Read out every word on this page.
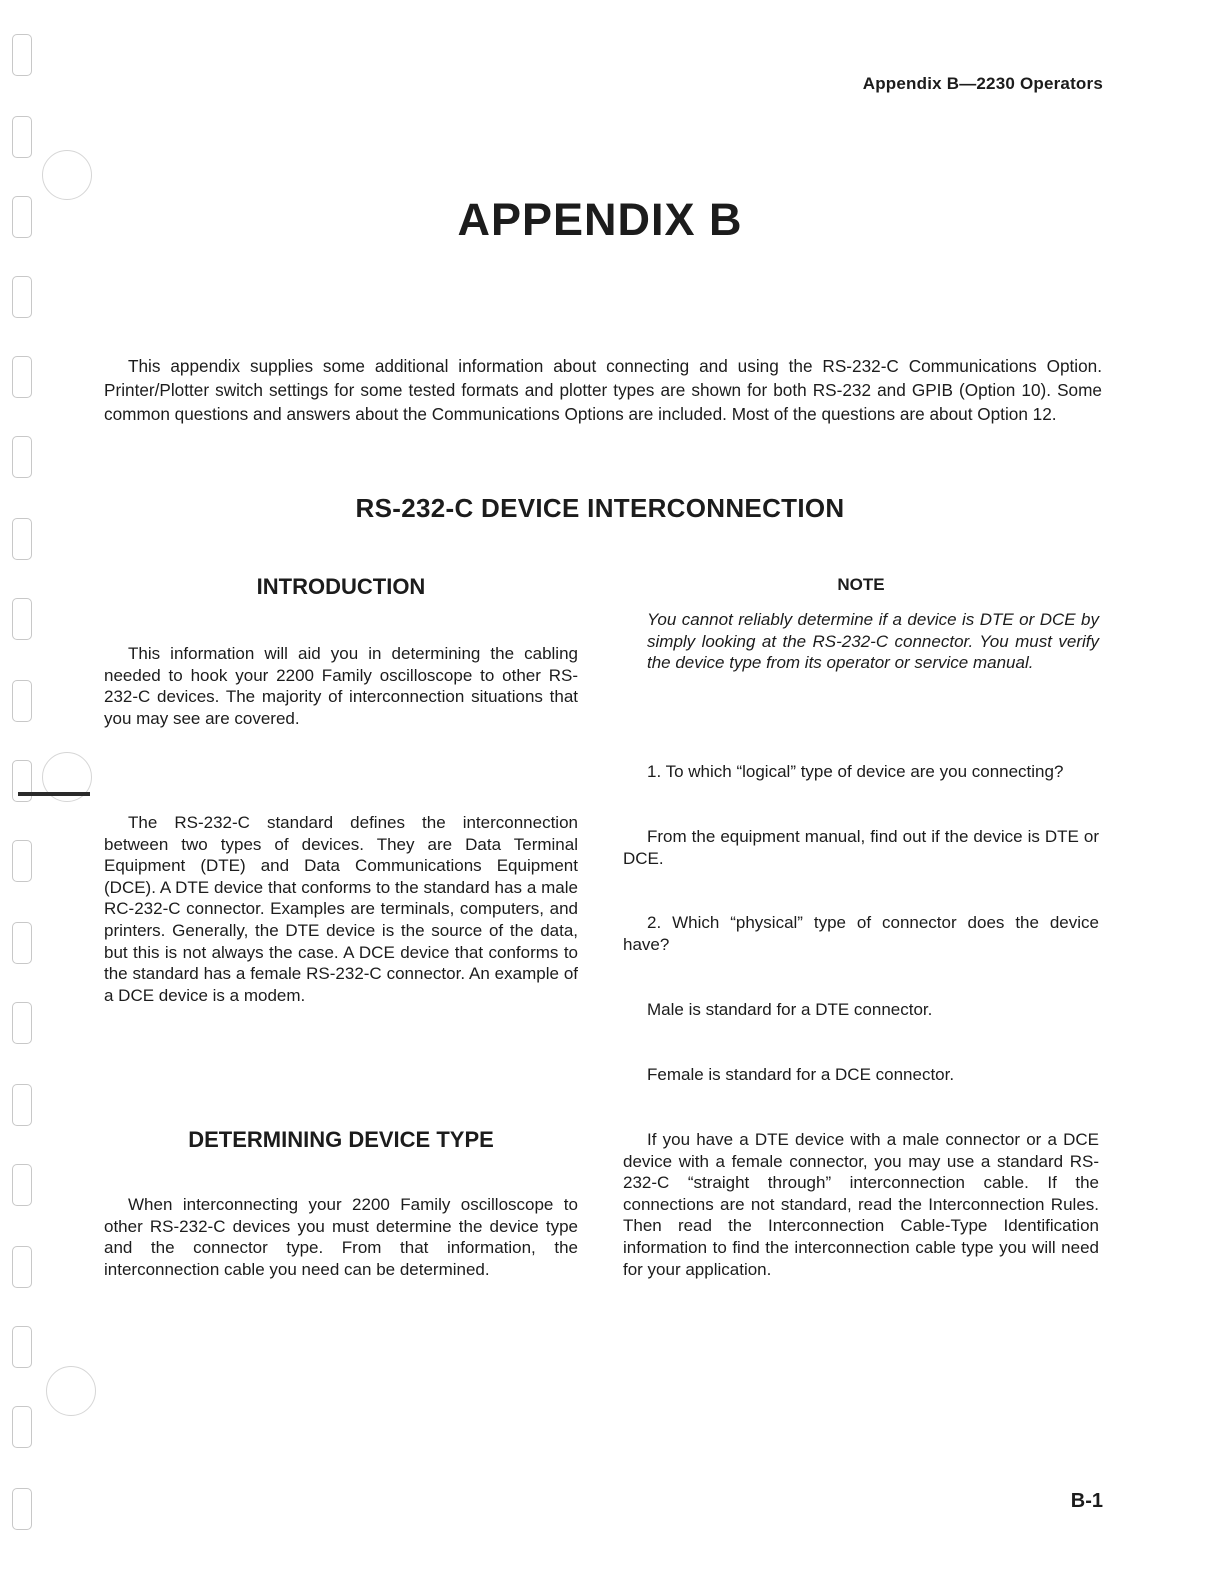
Appendix B—2230 Operators
APPENDIX B

This appendix supplies some additional information about connecting and using the RS-232-C Communications Option. Printer/Plotter switch settings for some tested formats and plotter types are shown for both RS-232 and GPIB (Option 10). Some common questions and answers about the Communications Options are included. Most of the questions are about Option 12.

RS-232-C DEVICE INTERCONNECTION
INTRODUCTION

This information will aid you in determining the cabling needed to hook your 2200 Family oscilloscope to other RS-232-C devices. The majority of interconnection situations that you may see are covered.

The RS-232-C standard defines the interconnection between two types of devices. They are Data Terminal Equipment (DTE) and Data Communications Equipment (DCE). A DTE device that conforms to the standard has a male RC-232-C connector. Examples are terminals, computers, and printers. Generally, the DTE device is the source of the data, but this is not always the case. A DCE device that conforms to the standard has a female RS-232-C connector. An example of a DCE device is a modem.

DETERMINING DEVICE TYPE

When interconnecting your 2200 Family oscilloscope to other RS-232-C devices you must determine the device type and the connector type. From that information, the interconnection cable you need can be determined.

NOTE

You cannot reliably determine if a device is DTE or DCE by simply looking at the RS-232-C connector. You must verify the device type from its operator or service manual.

1. To which “logical” type of device are you connecting?

From the equipment manual, find out if the device is DTE or DCE.

2. Which “physical” type of connector does the device have?

Male is standard for a DTE connector.

Female is standard for a DCE connector.

If you have a DTE device with a male connector or a DCE device with a female connector, you may use a standard RS-232-C “straight through” interconnection cable. If the connections are not standard, read the Interconnection Rules. Then read the Interconnection Cable-Type Identification information to find the interconnection cable type you will need for your application.

B-1
